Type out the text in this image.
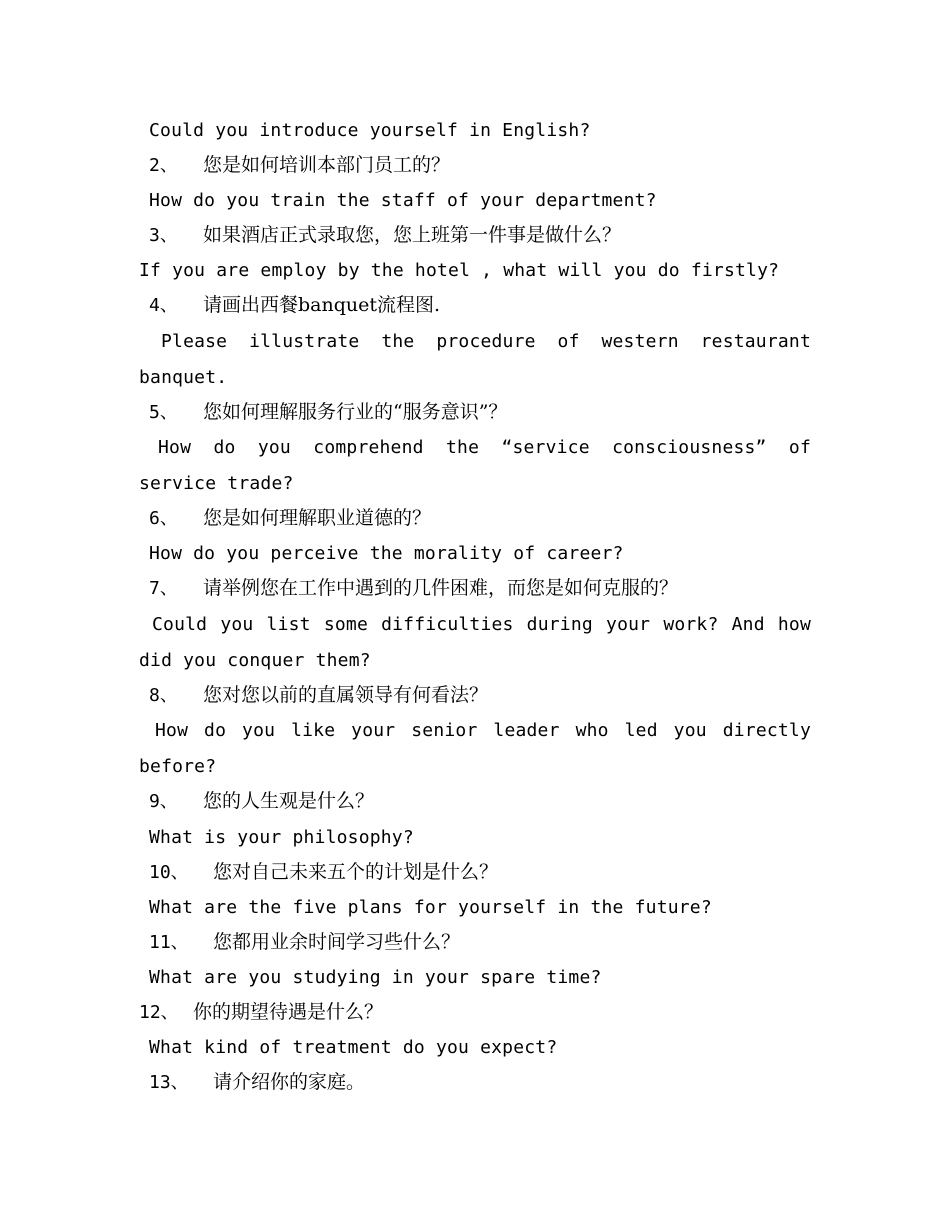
Could you introduce yourself in English?
2、 您是如何培训本部门员工的？
How do you train the staff of your department?
3、 如果酒店正式录取您，您上班第一件事是做什么？
If you are employ by the hotel , what will you do firstly?
4、 请画出西餐banquet流程图.
Please illustrate the procedure of western restaurant
banquet.
5、 您如何理解服务行业的“服务意识”？
How do you comprehend the “service consciousness” of
service trade?
6、 您是如何理解职业道德的？
How do you perceive the morality of career?
7、 请举例您在工作中遇到的几件困难，而您是如何克服的？
Could you list some difficulties during your work? And how
did you conquer them?
8、 您对您以前的直属领导有何看法？
How do you like your senior leader who led you directly
before?
9、 您的人生观是什么？
What is your philosophy?
10、 您对自己未来五个的计划是什么？
What are the five plans for yourself in the future?
11、 您都用业余时间学习些什么？
What are you studying in your spare time?
12、 你的期望待遇是什么？
What kind of treatment do you expect?
13、 请介绍你的家庭。
